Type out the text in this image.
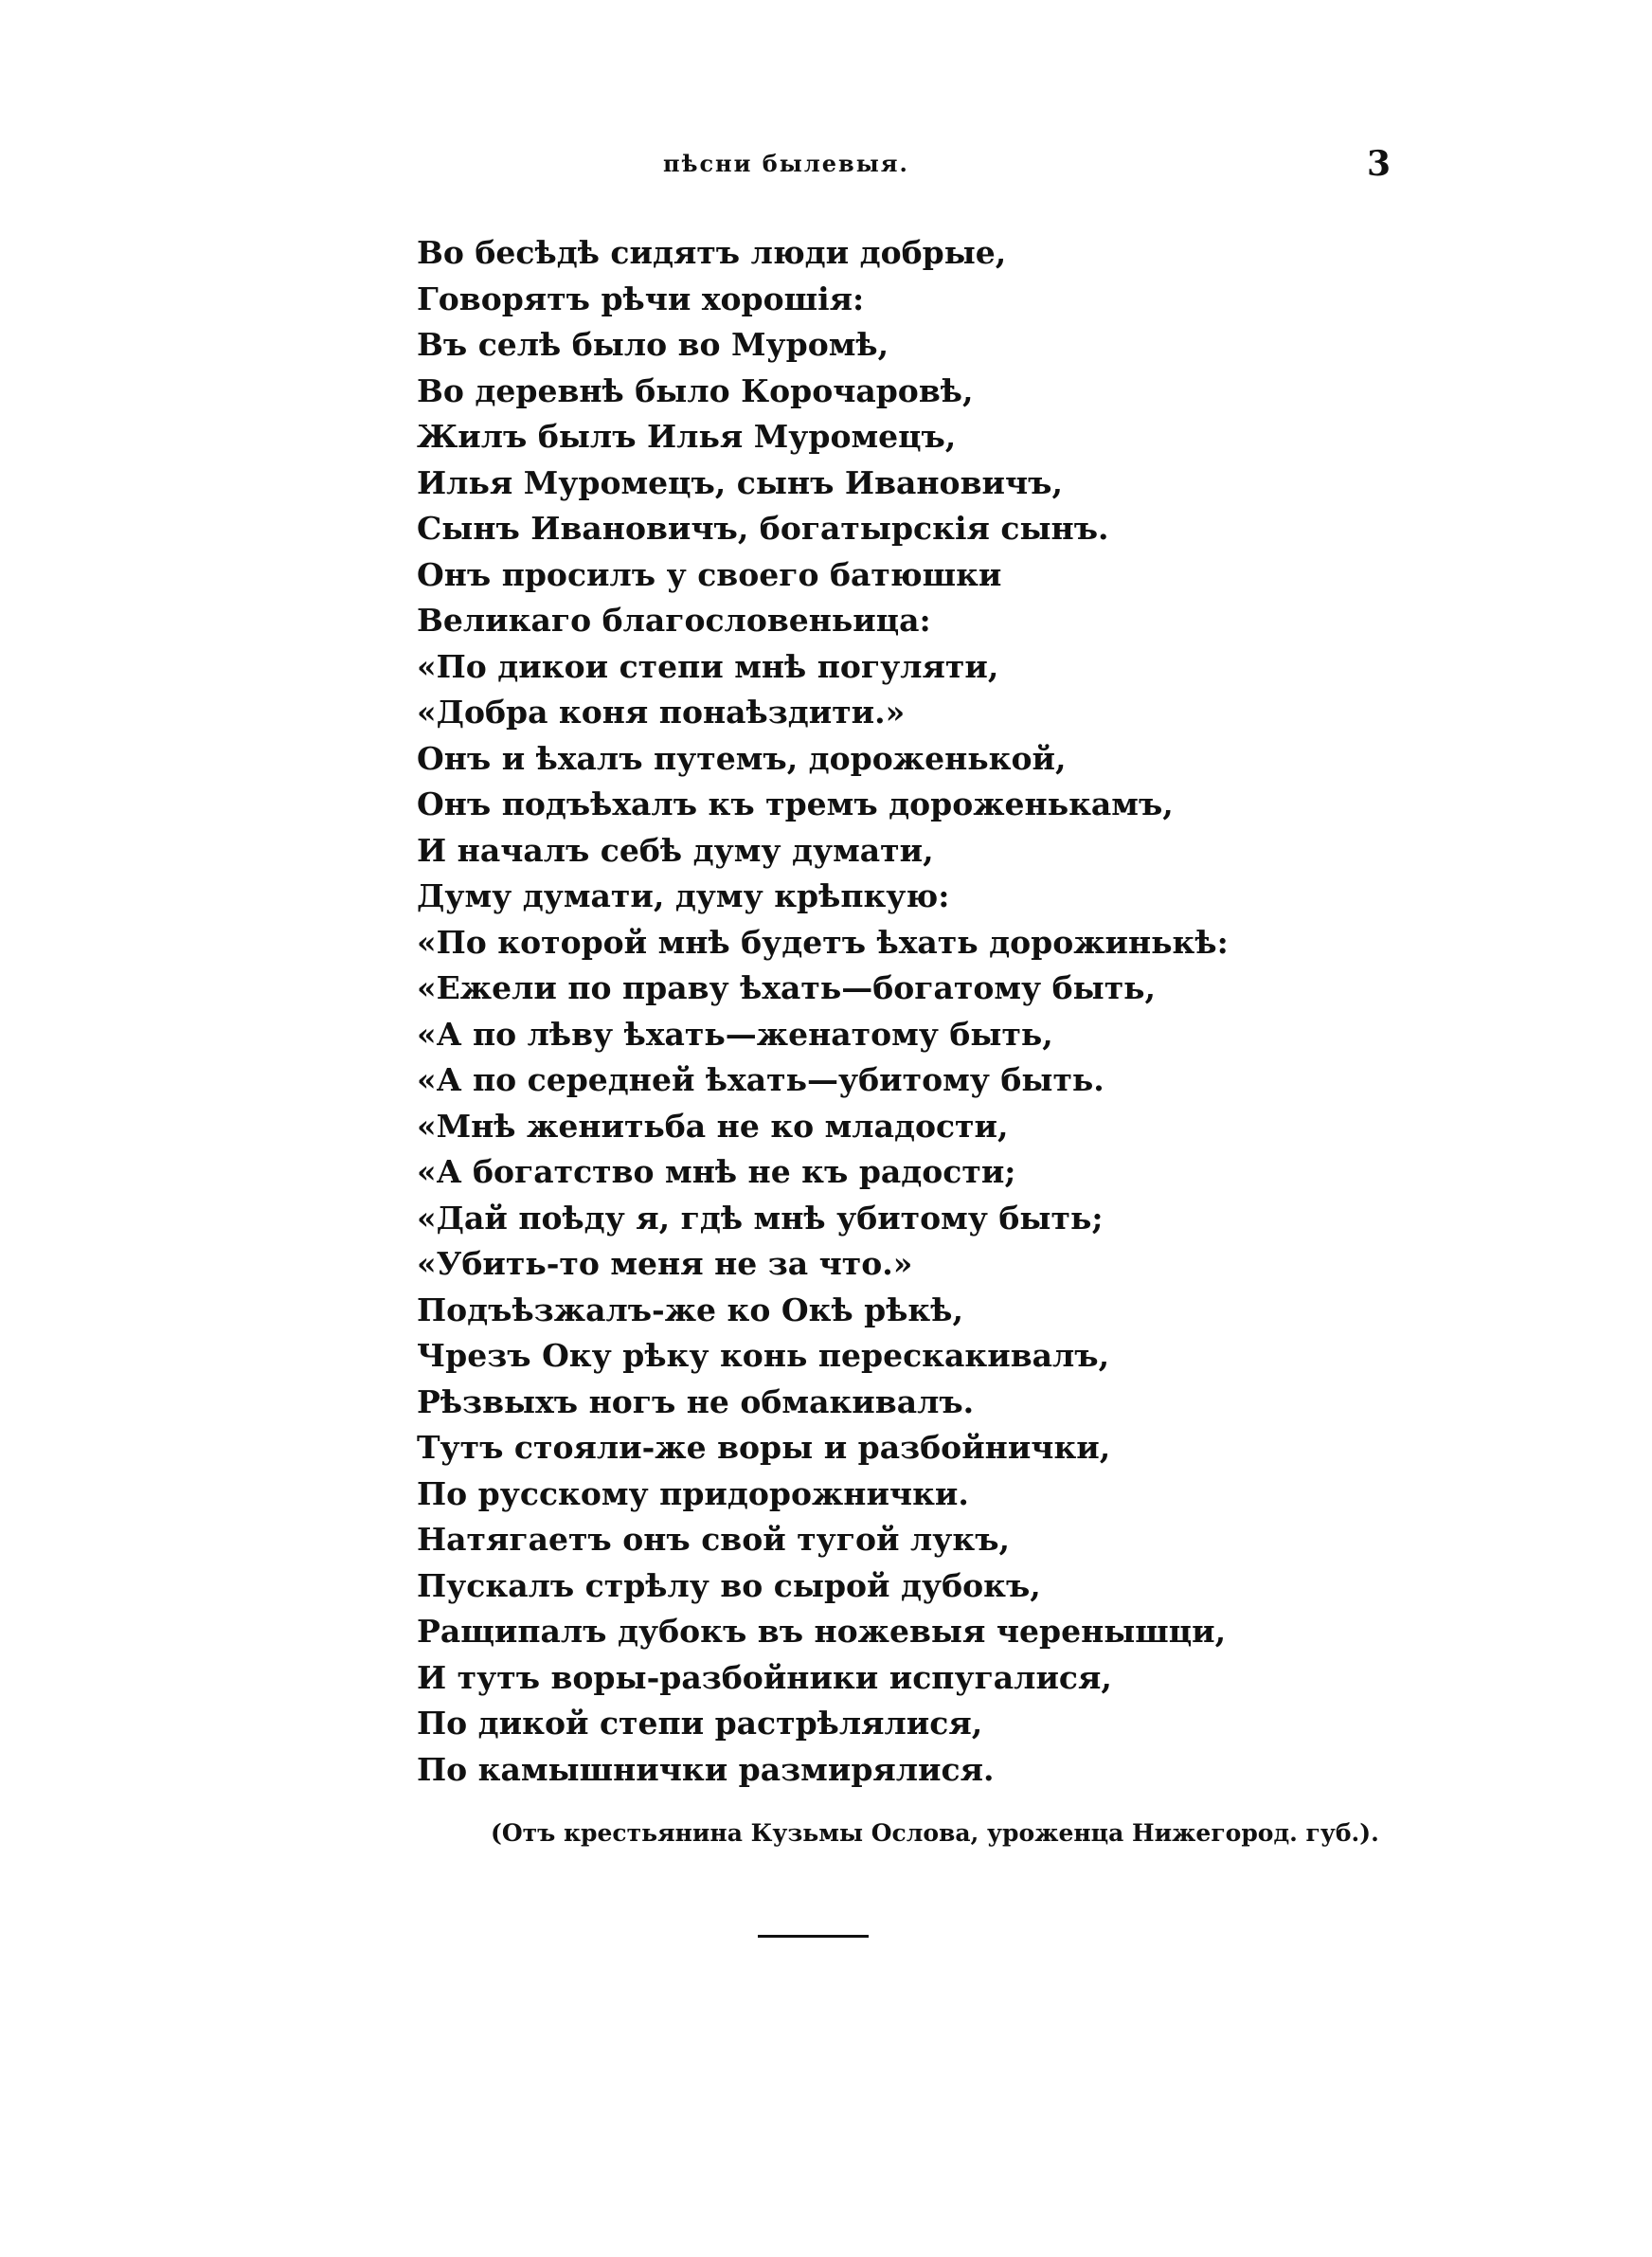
пѣсни былевыя.	3
Во бесѣдѣ сидятъ люди добрые,
Говорятъ рѣчи хорошія:
Въ селѣ было во Муромѣ,
Во деревнѣ было Корочаровѣ,
Жилъ былъ Илья Муромецъ,
Илья Муромецъ, сынъ Ивановичъ,
Сынъ Ивановичъ, богатырскія сынъ.
Онъ просилъ у своего батюшки
Великаго благословеньица:
«По дикои степи мнѣ погуляти,
«Добра коня понаѣздити.»
Онъ и ѣхалъ путемъ, дороженькой,
Онъ подъѣхалъ къ тремъ дороженькамъ,
И началъ себѣ думу думати,
Думу думати, думу крѣпкую:
«По которой мнѣ будетъ ѣхать дорожинькѣ:
«Ежели по праву ѣхать—богатому быть,
«А по лѣву ѣхать—женатому быть,
«А по середней ѣхать—убитому быть.
«Мнѣ женитьба не ко младости,
«А богатство мнѣ не къ радости;
«Дай поѣду я, гдѣ мнѣ убитому быть;
«Убить-то меня не за что.»
Подъѣзжалъ-же ко Окѣ рѣкѣ,
Чрезъ Оку рѣку конь перескакивалъ,
Рѣзвыхъ ногъ не обмакивалъ.
Тутъ стояли-же воры и разбойнички,
По русскому придорожнички.
Натягаетъ онъ свой тугой лукъ,
Пускалъ стрѣлу во сырой дубокъ,
Ращипалъ дубокъ въ ножевыя черенышци,
И тутъ воры-разбойники испугалися,
По дикой степи растрѣлялися,
По камышнички размирялися.
(Отъ крестьянина Кузьмы Ослова, уроженца Нижегород. губ.).
